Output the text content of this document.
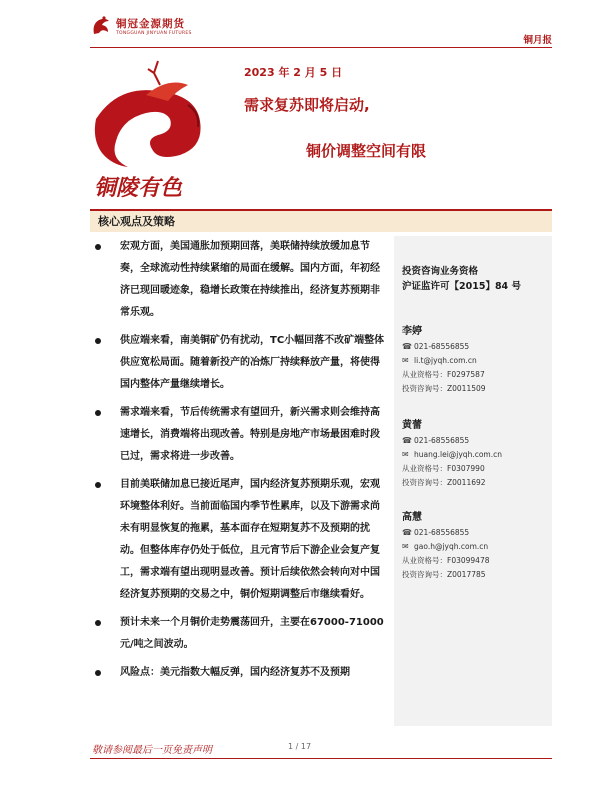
铜冠金源期货
TONGGUAN JINYUAN FUTURES
铜月报
铜陵有色
2023 年 2 月 5 日
需求复苏即将启动,
铜价调整空间有限
核心观点及策略
宏观方面，美国通胀加预期回落，美联储持续放缓加息节奏，全球流动性持续紧缩的局面在缓解。国内方面，年初经济已现回暖迹象，稳增长政策在持续推出，经济复苏预期非常乐观。
供应端来看，南美铜矿仍有扰动，TC小幅回落不改矿端整体供应宽松局面。随着新投产的冶炼厂持续释放产量，将使得国内整体产量继续增长。
需求端来看，节后传统需求有望回升，新兴需求则会维持高速增长，消费端将出现改善。特别是房地产市场最困难时段已过，需求将进一步改善。
目前美联储加息已接近尾声，国内经济复苏预期乐观，宏观环境整体利好。当前面临国内季节性累库，以及下游需求尚未有明显恢复的拖累，基本面存在短期复苏不及预期的扰动。但整体库存仍处于低位，且元宵节后下游企业会复产复工，需求端有望出现明显改善。预计后续依然会转向对中国经济复苏预期的交易之中，铜价短期调整后市继续看好。
预计未来一个月铜价走势震荡回升，主要在67000-71000元/吨之间波动。
风险点：美元指数大幅反弹，国内经济复苏不及预期
投资咨询业务资格
沪证监许可【2015】84 号
李婷
☎ 021-68556855
✉ li.t@jyqh.com.cn
从业资格号：F0297587
投资咨询号：Z0011509
黄蕾
☎ 021-68556855
✉ huang.lei@jyqh.com.cn
从业资格号：F0307990
投资咨询号：Z0011692
高慧
☎ 021-68556855
✉ gao.h@jyqh.com.cn
从业资格号：F03099478
投资咨询号：Z0017785
敬请参阅最后一页免责声明	1 / 17
